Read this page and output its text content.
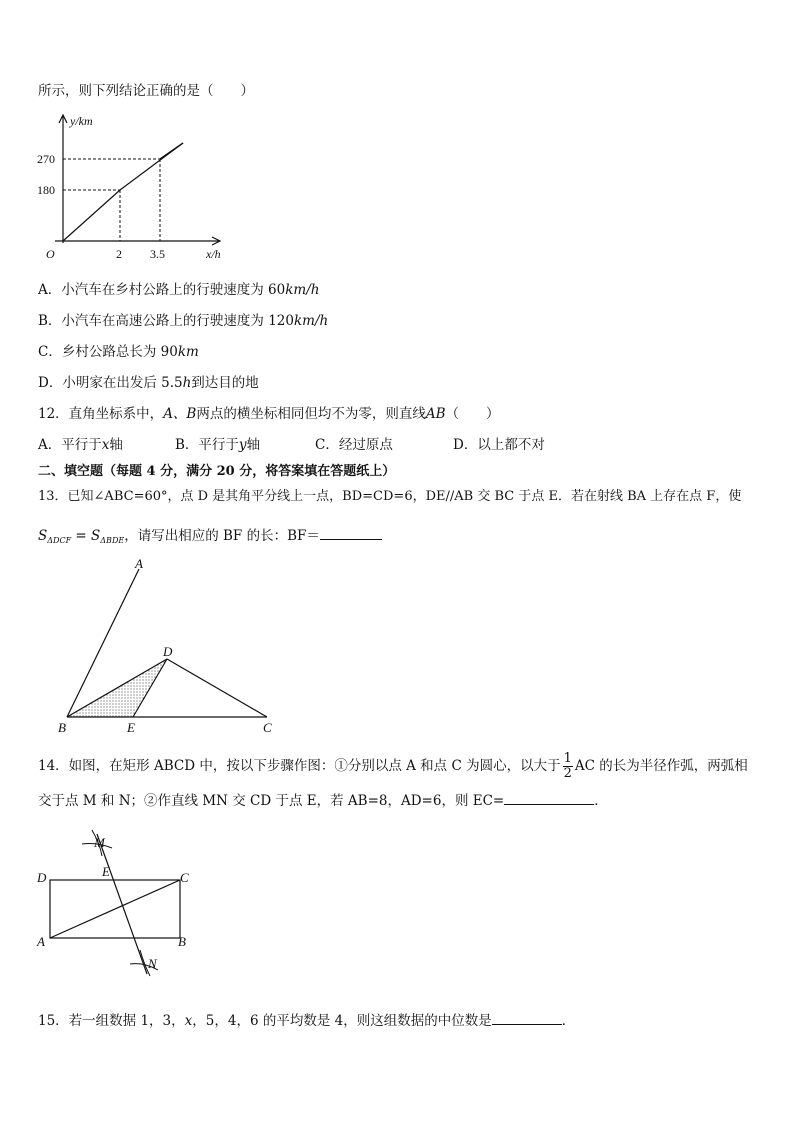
所示，则下列结论正确的是（　　）
y/km
x/h
O
270
180
2 3.5
A．小汽车在乡村公路上的行驶速度为 60km/h
B．小汽车在高速公路上的行驶速度为 120km/h
C．乡村公路总长为 90km
D．小明家在出发后 5.5h到达目的地
12．直角坐标系中，A、B两点的横坐标相同但均不为零，则直线AB（　　）
A．平行于x轴	B．平行于y轴	C．经过原点	D．以上都不对
二、填空题（每题 4 分，满分 20 分，将答案填在答题纸上）
13．已知∠ABC=60°，点 D 是其角平分线上一点，BD=CD=6，DE//AB 交 BC 于点 E．若在射线 BA 上存在点 F，使
$S_{\Delta DCF} = S_{\Delta BDE}$，请写出相应的 BF 的长：BF＝
A
B	C
D
E
14．如图，在矩形 ABCD 中，按以下步骤作图：①分别以点 A 和点 C 为圆心，以大于 $\frac{1}{2}$ AC 的长为半径作弧，两弧相
交于点 M 和 N；②作直线 MN 交 CD 于点 E，若 AB=8，AD=6，则 EC=	．
M
N
D	C
E
A	B
15．若一组数据 1，3，x，5，4，6 的平均数是 4，则这组数据的中位数是	．
